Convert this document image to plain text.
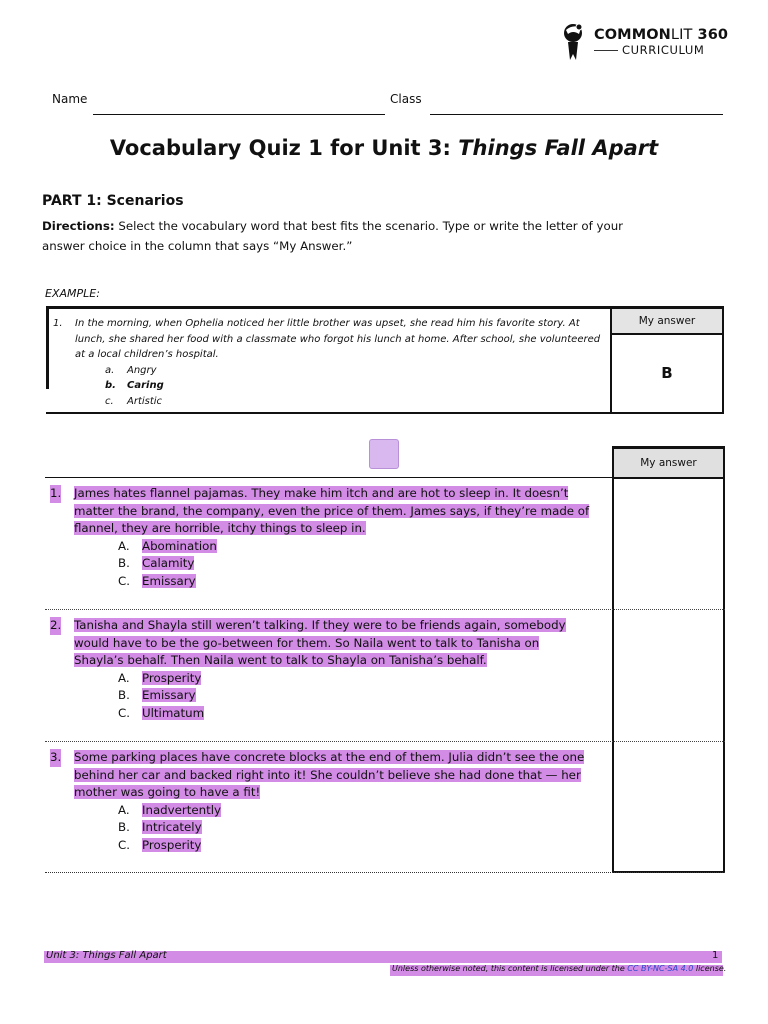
COMMONLIT 360
CURRICULUM
Name	Class
Vocabulary Quiz 1 for Unit 3: Things Fall Apart
PART 1: Scenarios
Directions: Select the vocabulary word that best fits the scenario. Type or write the letter of your answer choice in the column that says “My Answer.”
EXAMPLE:
1.	In the morning, when Ophelia noticed her little brother was upset, she read him his favorite story. At lunch, she shared her food with a classmate who forgot his lunch at home. After school, she volunteered at a local children’s hospital.
a. Angry
b. Caring
c. Artistic
My answer
B
My answer
1.	James hates flannel pajamas. They make him itch and are hot to sleep in. It doesn’t matter the brand, the company, even the price of them. James says, if they’re made of flannel, they are horrible, itchy things to sleep in.
A. Abomination
B. Calamity
C. Emissary
2.	Tanisha and Shayla still weren’t talking. If they were to be friends again, somebody would have to be the go-between for them. So Naila went to talk to Tanisha on Shayla’s behalf. Then Naila went to talk to Shayla on Tanisha’s behalf.
A. Prosperity
B. Emissary
C. Ultimatum
3.	Some parking places have concrete blocks at the end of them. Julia didn’t see the one behind her car and backed right into it! She couldn’t believe she had done that — her mother was going to have a fit!
A. Inadvertently
B. Intricately
C. Prosperity
Unit 3: Things Fall Apart	1
Unless otherwise noted, this content is licensed under the CC BY-NC-SA 4.0 license.
